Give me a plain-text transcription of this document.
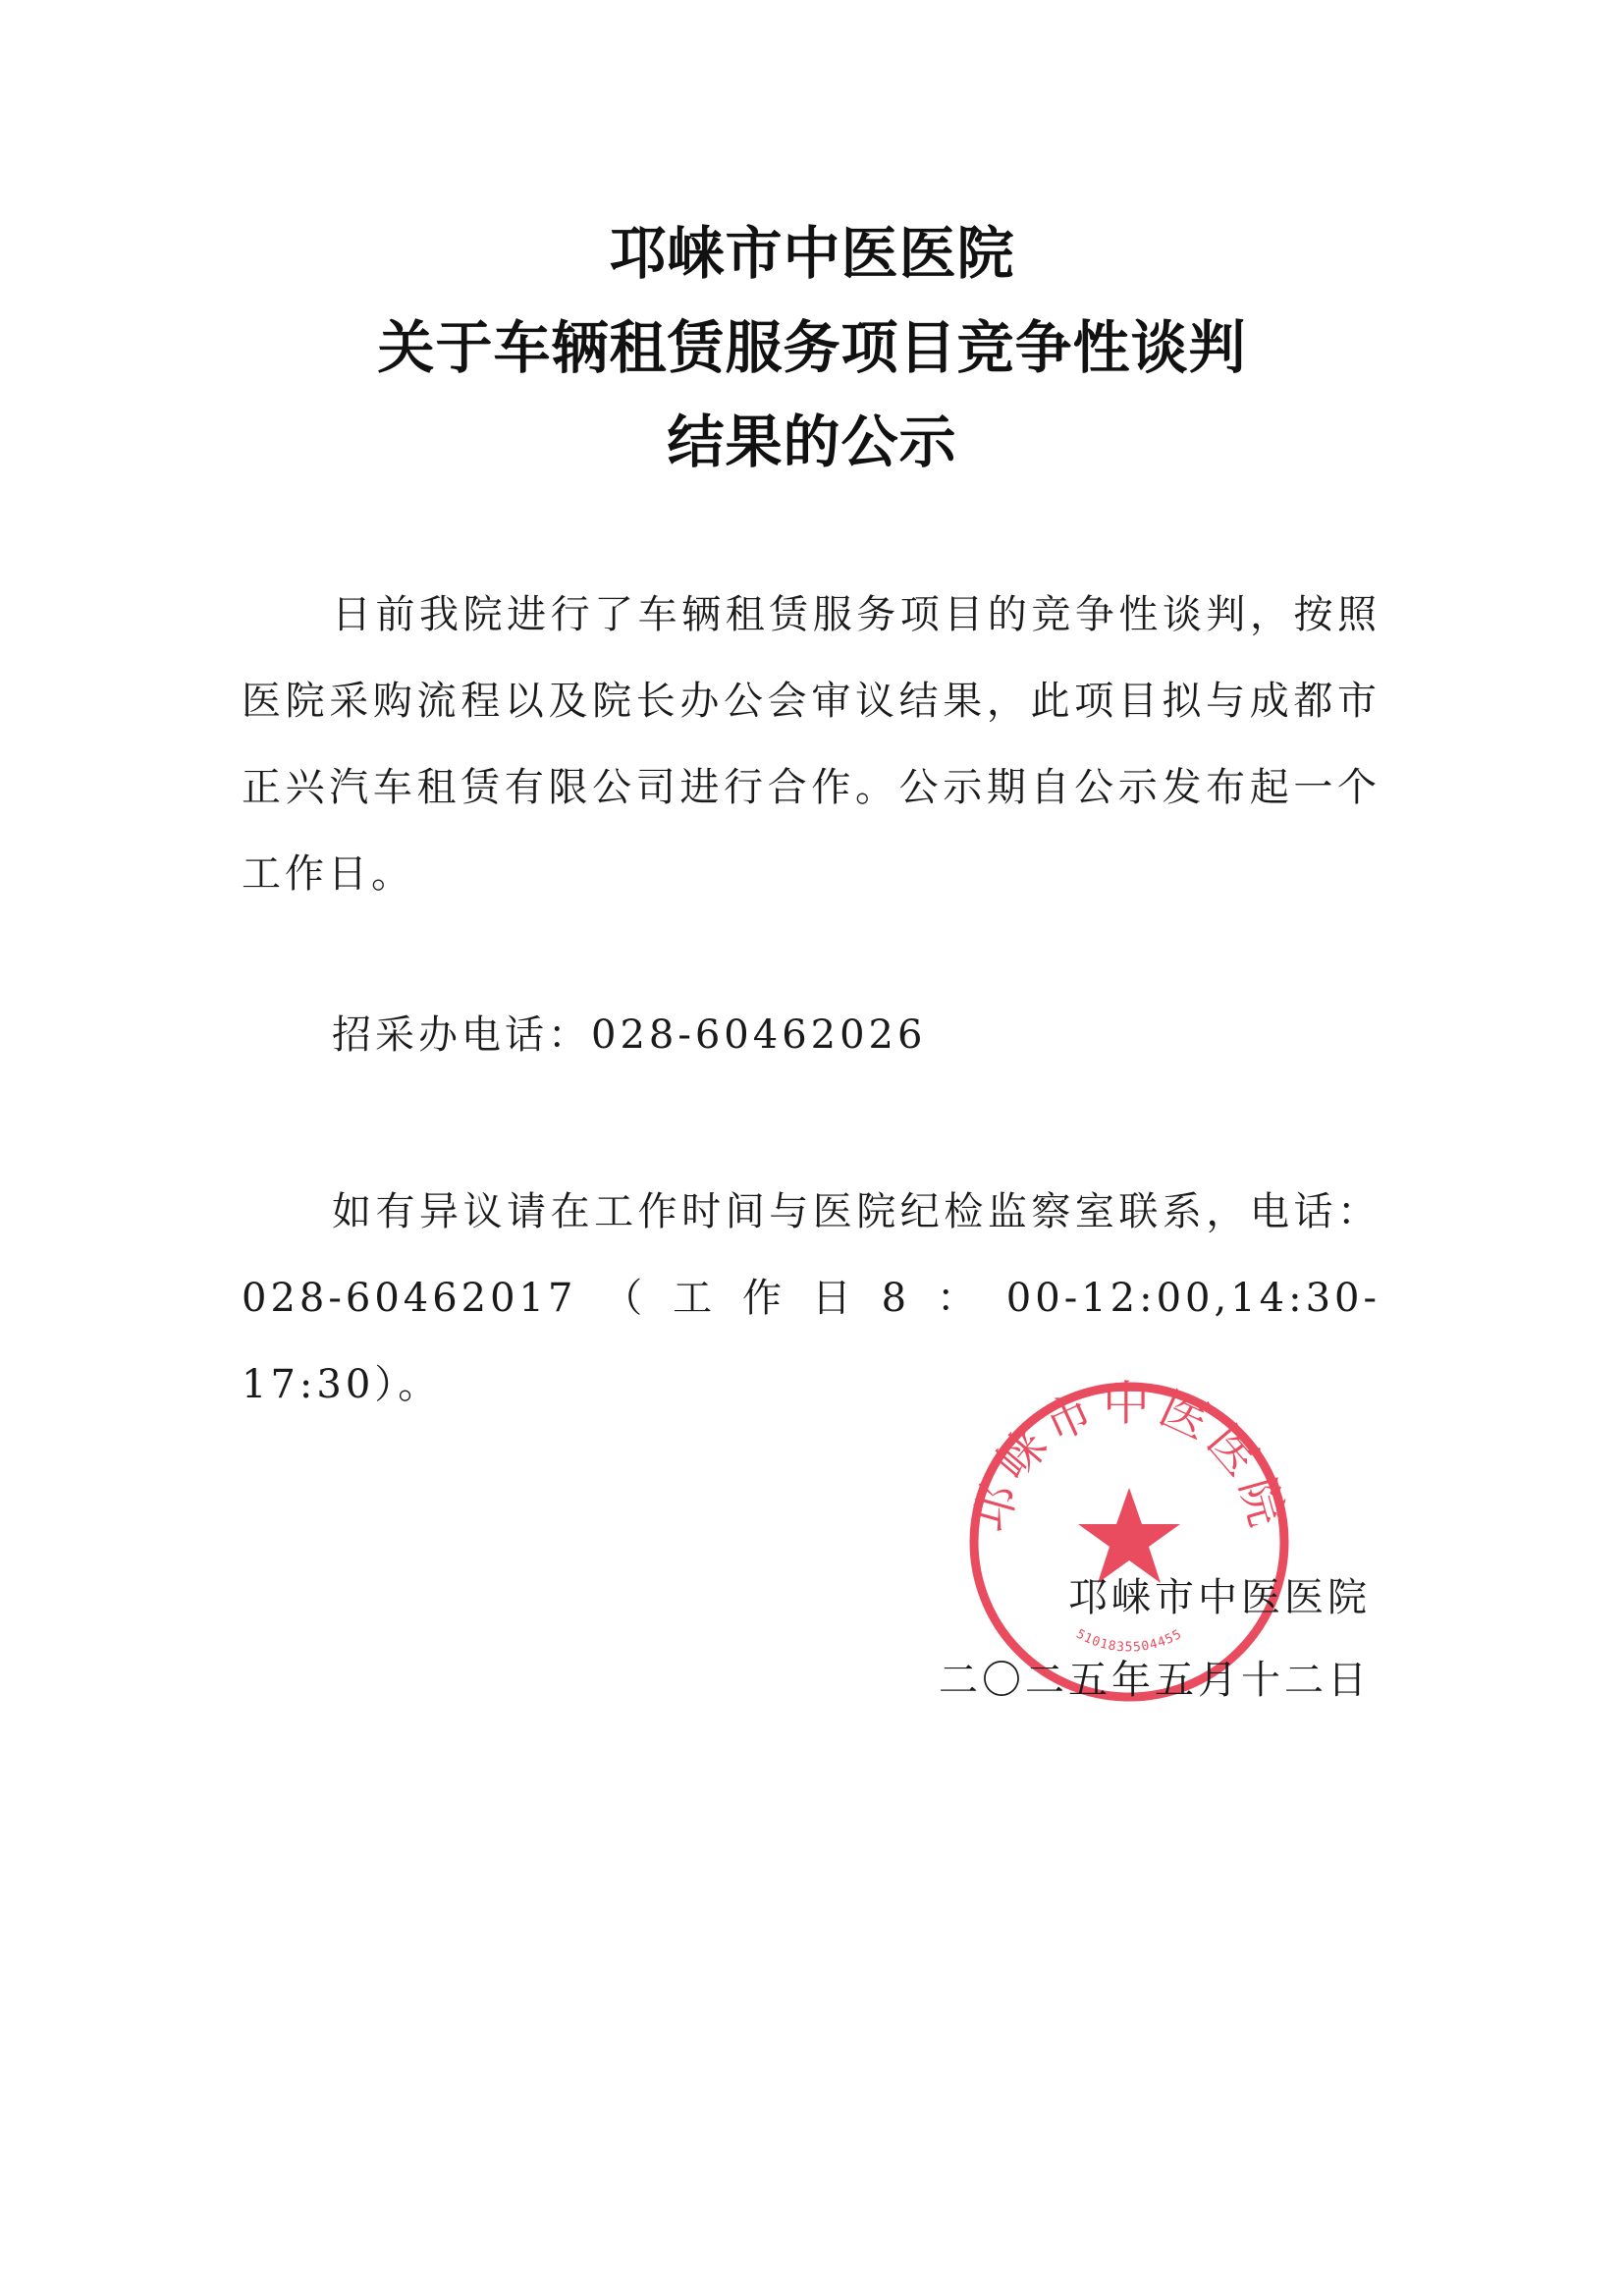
邛崃市中医医院
关于车辆租赁服务项目竞争性谈判
结果的公示
日前我院进行了车辆租赁服务项目的竞争性谈判，按照医院采购流程以及院长办公会审议结果，此项目拟与成都市正兴汽车租赁有限公司进行合作。公示期自公示发布起一个工作日。
招采办电话：028-60462026
如有异议请在工作时间与医院纪检监察室联系，电话：028-60462017（工作日8：00-12:00,14:30-17:30）。
邛崃市中医医院
5101835504455
邛崃市中医医院
二〇二五年五月十二日
